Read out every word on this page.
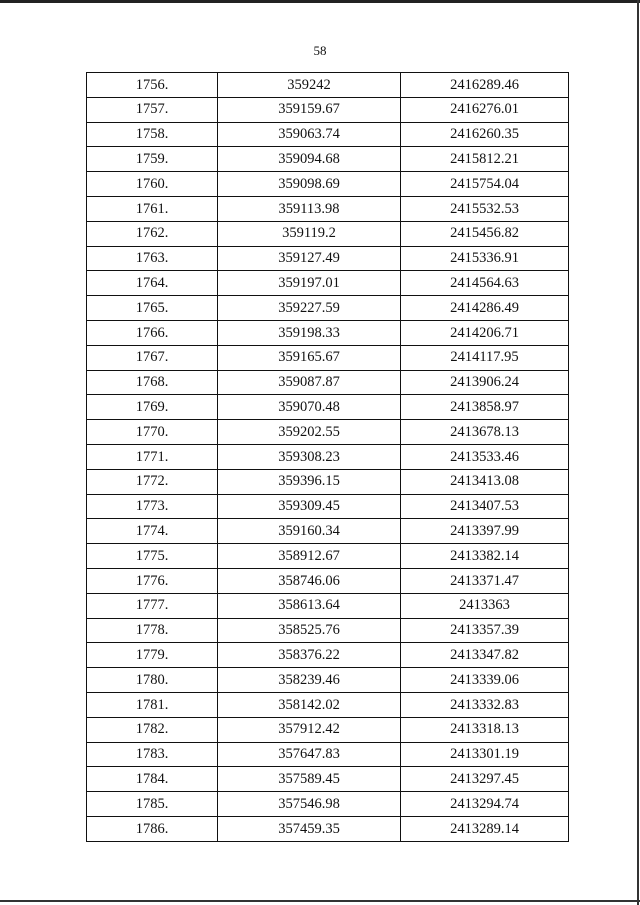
58
1756.	359242	2416289.46
1757.	359159.67	2416276.01
1758.	359063.74	2416260.35
1759.	359094.68	2415812.21
1760.	359098.69	2415754.04
1761.	359113.98	2415532.53
1762.	359119.2	2415456.82
1763.	359127.49	2415336.91
1764.	359197.01	2414564.63
1765.	359227.59	2414286.49
1766.	359198.33	2414206.71
1767.	359165.67	2414117.95
1768.	359087.87	2413906.24
1769.	359070.48	2413858.97
1770.	359202.55	2413678.13
1771.	359308.23	2413533.46
1772.	359396.15	2413413.08
1773.	359309.45	2413407.53
1774.	359160.34	2413397.99
1775.	358912.67	2413382.14
1776.	358746.06	2413371.47
1777.	358613.64	2413363
1778.	358525.76	2413357.39
1779.	358376.22	2413347.82
1780.	358239.46	2413339.06
1781.	358142.02	2413332.83
1782.	357912.42	2413318.13
1783.	357647.83	2413301.19
1784.	357589.45	2413297.45
1785.	357546.98	2413294.74
1786.	357459.35	2413289.14
